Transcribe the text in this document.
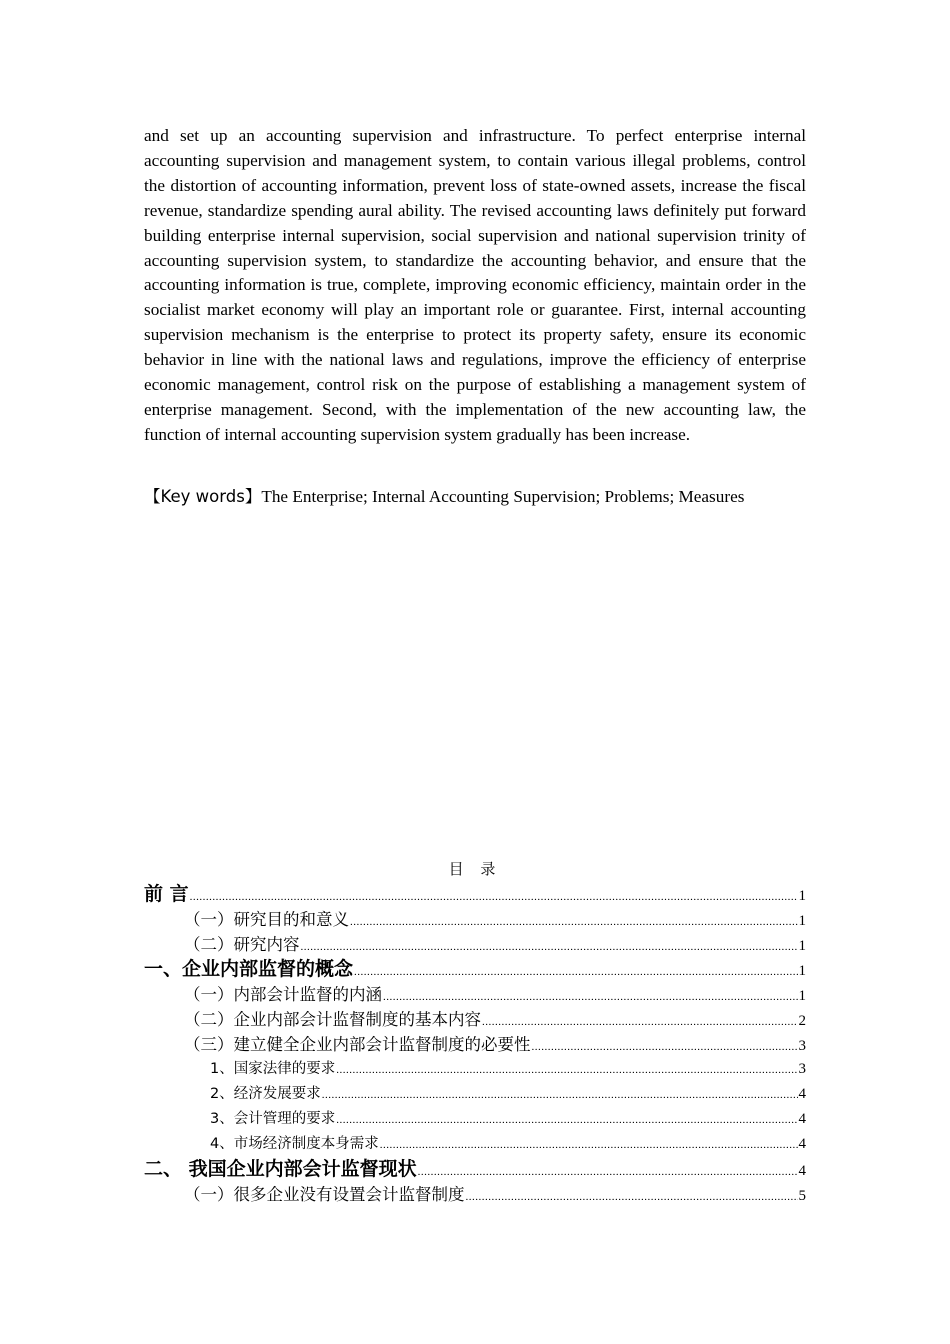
and set up an accounting supervision and infrastructure. To perfect enterprise internal accounting supervision and management system, to contain various illegal problems, control the distortion of accounting information, prevent loss of state-owned assets, increase the fiscal revenue, standardize spending aural ability. The revised accounting laws definitely put forward building enterprise internal supervision, social supervision and national supervision trinity of accounting supervision system, to standardize the accounting behavior, and ensure that the accounting information is true, complete, improving economic efficiency, maintain order in the socialist market economy will play an important role or guarantee. First, internal accounting supervision mechanism is the enterprise to protect its property safety, ensure its economic behavior in line with the national laws and regulations, improve the efficiency of enterprise economic management, control risk on the purpose of establishing a management system of enterprise management. Second, with the implementation of the new accounting law, the function of internal accounting supervision system gradually has been increase.

【Key words】The Enterprise; Internal Accounting Supervision; Problems; Measures

目 录
前 言 .....	1
（一）研究目的和意义 .....	1
（二）研究内容 .....	1
一、企业内部监督的概念 .....	1
（一）内部会计监督的内涵 .....	1
（二）企业内部会计监督制度的基本内容 .....	2
（三）建立健全企业内部会计监督制度的必要性 .....	3
1、国家法律的要求 .....	3
2、经济发展要求 .....	4
3、会计管理的要求 .....	4
4、市场经济制度本身需求 .....	4
二、 我国企业内部会计监督现状 .....	4
（一）很多企业没有设置会计监督制度 .....	5
